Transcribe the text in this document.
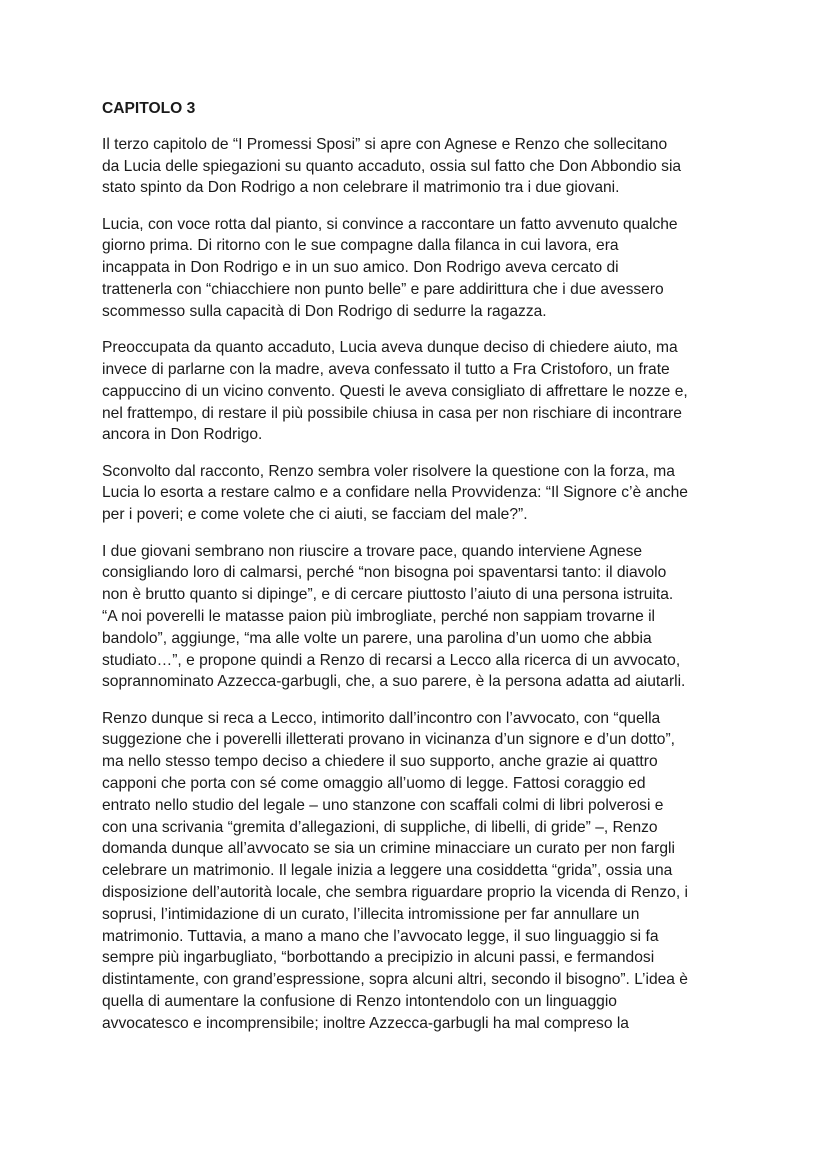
CAPITOLO 3

Il terzo capitolo de “I Promessi Sposi” si apre con Agnese e Renzo che sollecitano
da Lucia delle spiegazioni su quanto accaduto, ossia sul fatto che Don Abbondio sia
stato spinto da Don Rodrigo a non celebrare il matrimonio tra i due giovani.

Lucia, con voce rotta dal pianto, si convince a raccontare un fatto avvenuto qualche
giorno prima. Di ritorno con le sue compagne dalla filanca in cui lavora, era
incappata in Don Rodrigo e in un suo amico. Don Rodrigo aveva cercato di
trattenerla con “chiacchiere non punto belle” e pare addirittura che i due avessero
scommesso sulla capacità di Don Rodrigo di sedurre la ragazza.

Preoccupata da quanto accaduto, Lucia aveva dunque deciso di chiedere aiuto, ma
invece di parlarne con la madre, aveva confessato il tutto a Fra Cristoforo, un frate
cappuccino di un vicino convento. Questi le aveva consigliato di affrettare le nozze e,
nel frattempo, di restare il più possibile chiusa in casa per non rischiare di incontrare
ancora in Don Rodrigo.

Sconvolto dal racconto, Renzo sembra voler risolvere la questione con la forza, ma
Lucia lo esorta a restare calmo e a confidare nella Provvidenza: “Il Signore c’è anche
per i poveri; e come volete che ci aiuti, se facciam del male?”.

I due giovani sembrano non riuscire a trovare pace, quando interviene Agnese
consigliando loro di calmarsi, perché “non bisogna poi spaventarsi tanto: il diavolo
non è brutto quanto si dipinge”, e di cercare piuttosto l’aiuto di una persona istruita.
“A noi poverelli le matasse paion più imbrogliate, perché non sappiam trovarne il
bandolo”, aggiunge, “ma alle volte un parere, una parolina d’un uomo che abbia
studiato…”, e propone quindi a Renzo di recarsi a Lecco alla ricerca di un avvocato,
soprannominato Azzecca-garbugli, che, a suo parere, è la persona adatta ad aiutarli.

Renzo dunque si reca a Lecco, intimorito dall’incontro con l’avvocato, con “quella
suggezione che i poverelli illetterati provano in vicinanza d’un signore e d’un dotto”,
ma nello stesso tempo deciso a chiedere il suo supporto, anche grazie ai quattro
capponi che porta con sé come omaggio all’uomo di legge. Fattosi coraggio ed
entrato nello studio del legale – uno stanzone con scaffali colmi di libri polverosi e
con una scrivania “gremita d’allegazioni, di suppliche, di libelli, di gride” –, Renzo
domanda dunque all’avvocato se sia un crimine minacciare un curato per non fargli
celebrare un matrimonio. Il legale inizia a leggere una cosiddetta “grida”, ossia una
disposizione dell’autorità locale, che sembra riguardare proprio la vicenda di Renzo, i
soprusi, l’intimidazione di un curato, l’illecita intromissione per far annullare un
matrimonio. Tuttavia, a mano a mano che l’avvocato legge, il suo linguaggio si fa
sempre più ingarbugliato, “borbottando a precipizio in alcuni passi, e fermandosi
distintamente, con grand’espressione, sopra alcuni altri, secondo il bisogno”. L’idea è
quella di aumentare la confusione di Renzo intontendolo con un linguaggio
avvocatesco e incomprensibile; inoltre Azzecca-garbugli ha mal compreso la
